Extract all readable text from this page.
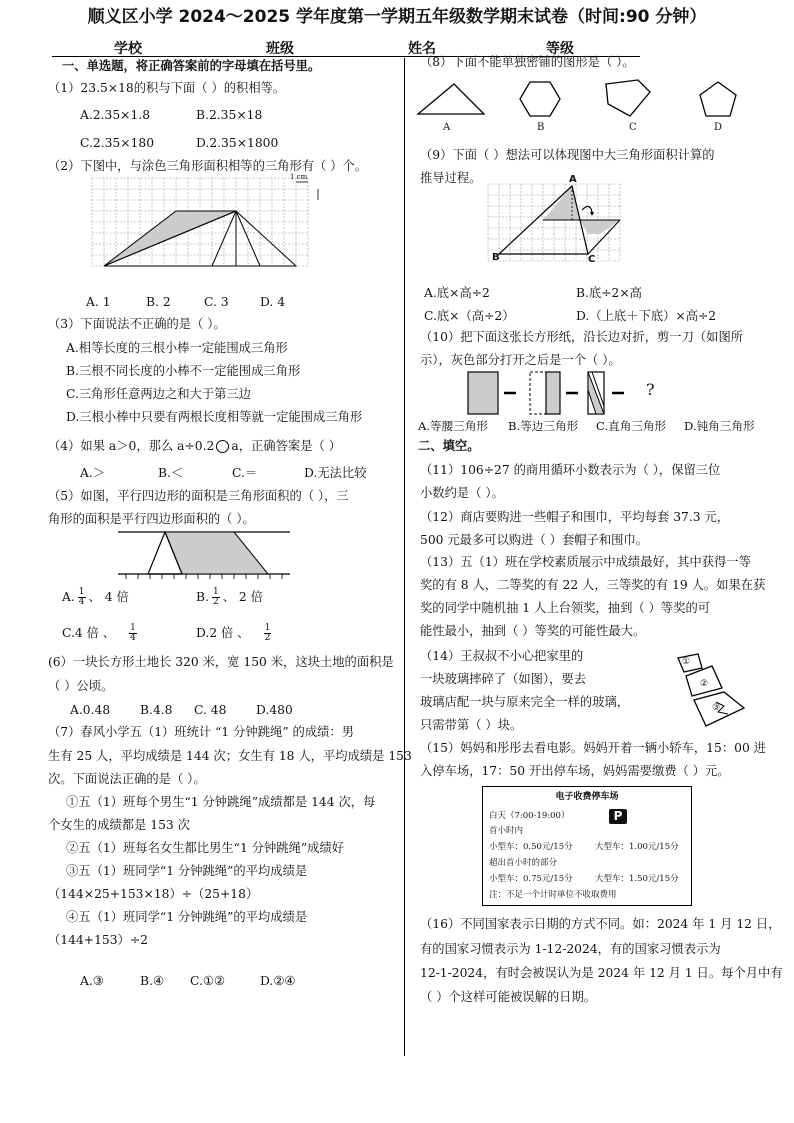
顺义区小学 2024～2025 学年度第一学期五年级数学期末试卷（时间:90 分钟）
学校	班级	姓名	等级
一、单选题，将正确答案前的字母填在括号里。
（1）23.5×18的积与下面（ ）的积相等。
A.2.35×1.8	B.2.35×18
C.2.35×180	D.2.35×1800
（2）下图中，与涂色三角形面积相等的三角形有（ ）个。
1 cm
A. 1	B. 2	C. 3	D. 4
（3）下面说法不正确的是（ ）。
A.相等长度的三根小棒一定能围成三角形
B.三根不同长度的小棒不一定能围成三角形
C.三角形任意两边之和大于第三边
D.三根小棒中只要有两根长度相等就一定能围成三角形
（4）如果 a＞0，那么 a÷0.2 a，正确答案是（ ）
A.＞	B.＜	C.＝	D.无法比较
（5）如图，平行四边形的面积是三角形面积的（ ），三
角形的面积是平行四边形面积的（ ）。
A. $\frac{1}{4}$ 、 4 倍	B. $\frac{1}{2}$ 、 2 倍
C.4 倍 、 $\frac{1}{4}$	D.2 倍 、 $\frac{1}{2}$
(6）一块长方形土地长 320 米，宽 150 米，这块土地的面积是
（ ）公顷。
A.0.48 B.4.8 C. 48 D.480
（7）春风小学五（1）班统计 “1 分钟跳绳” 的成绩：男
生有 25 人，平均成绩是 144 次；女生有 18 人，平均成绩是 153
次。下面说法正确的是（ ）。
①五（1）班每个男生“1 分钟跳绳”成绩都是 144 次，每
个女生的成绩都是 153 次
②五（1）班每名女生都比男生“1 分钟跳绳”成绩好
③五（1）班同学“1 分钟跳绳”的平均成绩是
（144×25+153×18）÷（25+18）
④五（1）班同学“1 分钟跳绳”的平均成绩是
（144+153）÷2
A.③	B.④ C.①②	D.②④
（8）下面不能单独密铺的图形是（ ）。
A	B	C	D
（9）下面（ ）想法可以体现图中大三角形面积计算的
推导过程。	A
B	C
A.底×高÷2	B.底÷2×高
C.底×（高÷2）	D.（上底＋下底）×高÷2
（10）把下面这张长方形纸，沿长边对折，剪一刀（如图所
示），灰色部分打开之后是一个（ ）。
?
A.等腰三角形 B.等边三角形 C.直角三角形 D.钝角三角形
二、填空。
（11）106÷27 的商用循环小数表示为（ ），保留三位
小数约是（ ）。
（12）商店要购进一些帽子和围巾，平均每套 37.3 元，
500 元最多可以购进（ ）套帽子和围巾。
（13）五（1）班在学校素质展示中成绩最好，其中获得一等
奖的有 8 人，二等奖的有 22 人，三等奖的有 19 人。如果在获
奖的同学中随机抽 1 人上台领奖，抽到（ ）等奖的可
能性最小，抽到（ ）等奖的可能性最大。
（14）王叔叔不小心把家里的
一块玻璃摔碎了（如图），要去
玻璃店配一块与原来完全一样的玻璃，
只需带第（ ）块。
①
②
③
（15）妈妈和彤彤去看电影。妈妈开着一辆小轿车，15：00 进
入停车场，17：50 开出停车场，妈妈需要缴费（ ）元。
电子收费停车场
白天（7:00-19:00）	P
首小时内
小型车：0.50元/15分	大型车：1.00元/15分
超出首小时的部分
小型车：0.75元/15分	大型车：1.50元/15分
注：不足一个计时单位不收取费用
（16）不同国家表示日期的方式不同。如：2024 年 1 月 12 日，
有的国家习惯表示为 1-12-2024，有的国家习惯表示为
12-1-2024，有时会被误认为是 2024 年 12 月 1 日。每个月中有
（ ）个这样可能被误解的日期。
